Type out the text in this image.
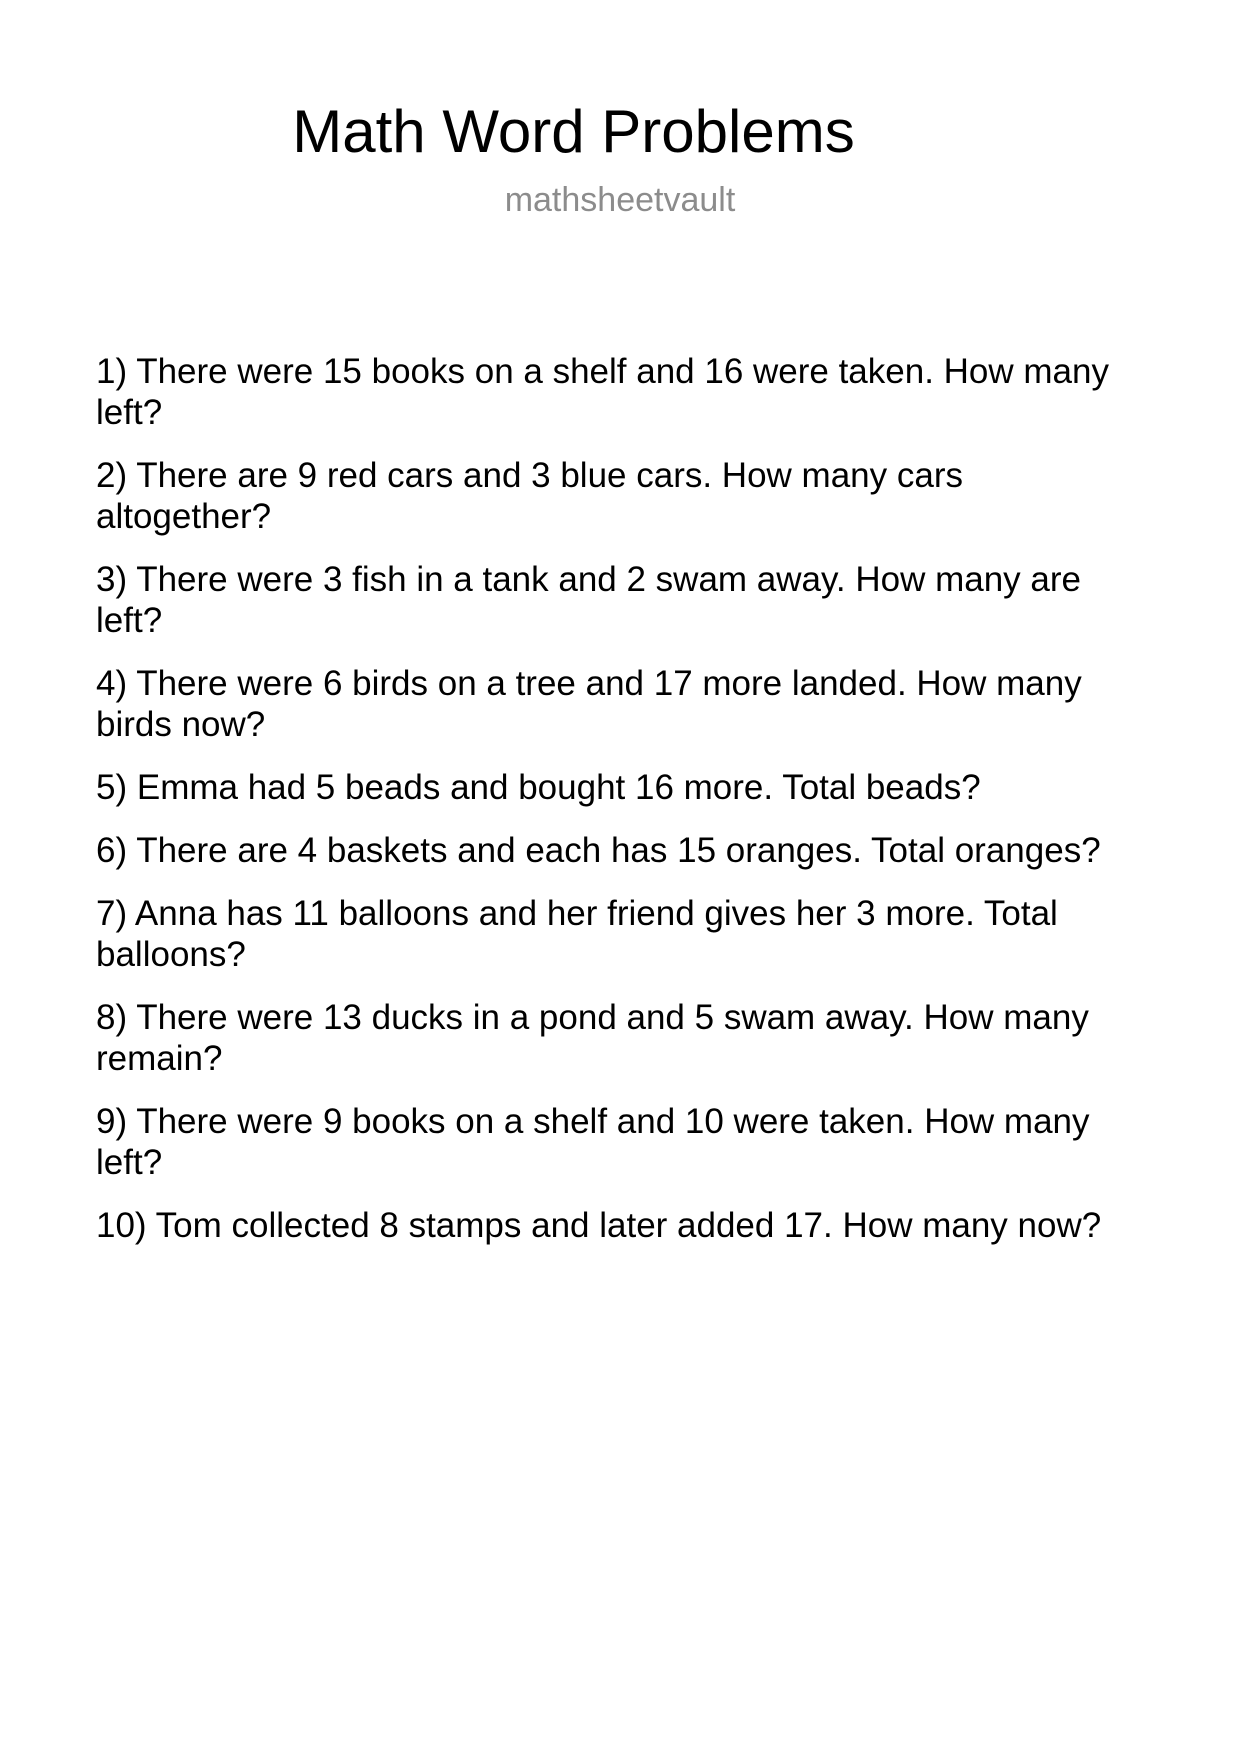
Math Word Problems
mathsheetvault
1) There were 15 books on a shelf and 16 were taken. How many
left?
2) There are 9 red cars and 3 blue cars. How many cars
altogether?
3) There were 3 fish in a tank and 2 swam away. How many are
left?
4) There were 6 birds on a tree and 17 more landed. How many
birds now?
5) Emma had 5 beads and bought 16 more. Total beads?
6) There are 4 baskets and each has 15 oranges. Total oranges?
7) Anna has 11 balloons and her friend gives her 3 more. Total
balloons?
8) There were 13 ducks in a pond and 5 swam away. How many
remain?
9) There were 9 books on a shelf and 10 were taken. How many
left?
10) Tom collected 8 stamps and later added 17. How many now?
